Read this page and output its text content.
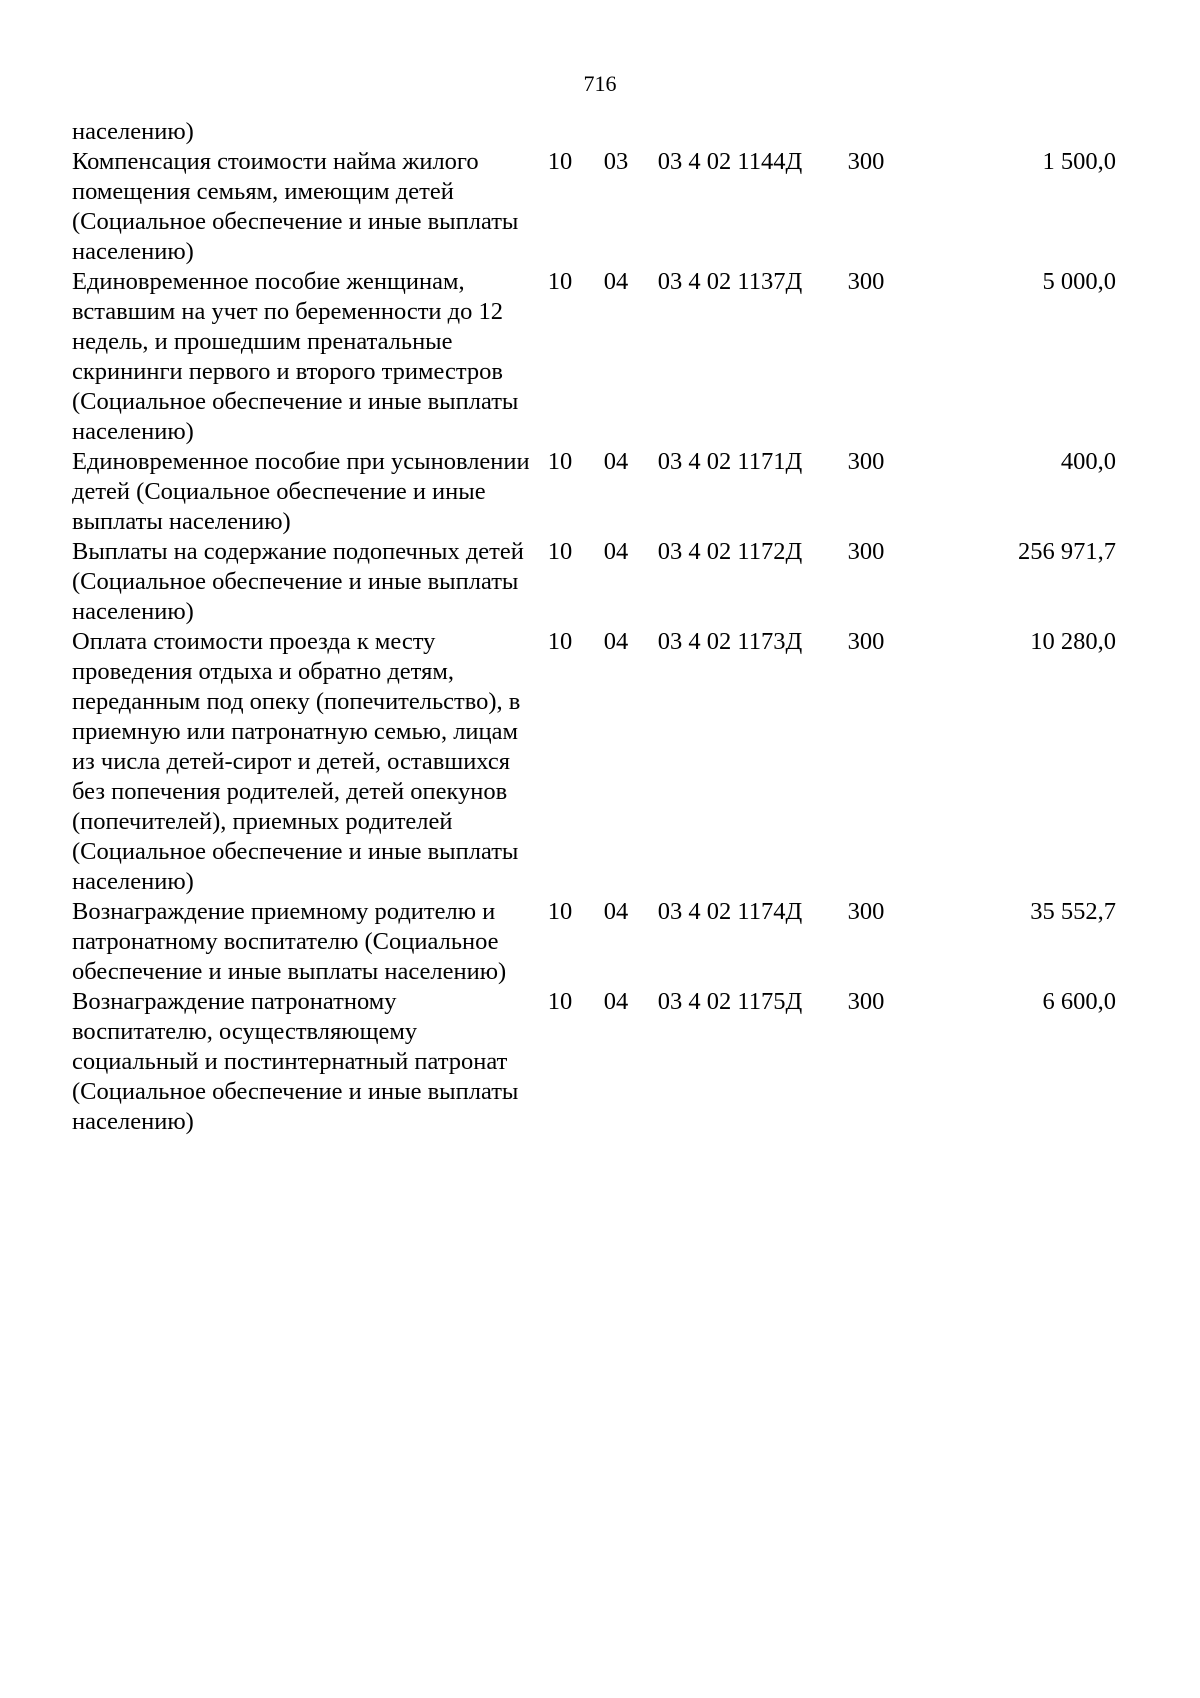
716
населению)					
Компенсация стоимости найма жилого помещения семьям, имеющим детей (Социальное обеспечение и иные выплаты населению)	10	03	03 4 02 1144Д	300	1 500,0
Единовременное пособие женщинам, вставшим на учет по беременности до 12 недель, и прошедшим пренатальные скрининги первого и второго триместров (Социальное обеспечение и иные выплаты населению)	10	04	03 4 02 1137Д	300	5 000,0
Единовременное пособие при усыновлении детей (Социальное обеспечение и иные выплаты населению)	10	04	03 4 02 1171Д	300	400,0
Выплаты на содержание подопечных детей (Социальное обеспечение и иные выплаты населению)	10	04	03 4 02 1172Д	300	256 971,7
Оплата стоимости проезда к месту проведения отдыха и обратно детям, переданным под опеку (попечительство), в приемную или патронатную семью, лицам из числа детей-сирот и детей, оставшихся без попечения родителей, детей опекунов (попечителей), приемных родителей (Социальное обеспечение и иные выплаты населению)	10	04	03 4 02 1173Д	300	10 280,0
Вознаграждение приемному родителю и патронатному воспитателю (Социальное обеспечение и иные выплаты населению)	10	04	03 4 02 1174Д	300	35 552,7
Вознаграждение патронатному воспитателю, осуществляющему социальный и постинтернатный патронат (Социальное обеспечение и иные выплаты населению)	10	04	03 4 02 1175Д	300	6 600,0
